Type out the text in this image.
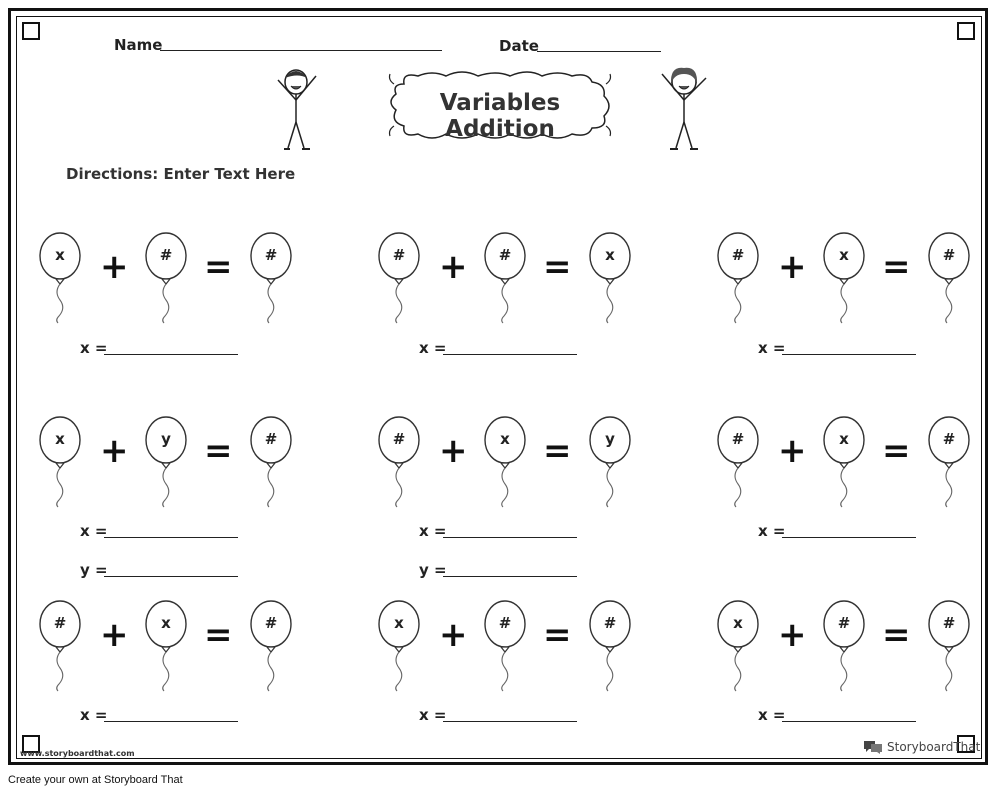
Name	Date
Variables Addition
Directions: Enter Text Here
x	#	#
+ =
x =
#	#	x
+ =
x =
#	x	#
+ =
x =
x	y	#
+ =
x =
y =
#	x	y
+ =
x =
y =
#	x	#
+ =
x =
#	x	#
+ =
x =
x	#	#
+ =
x =
x	#	#
+ =
x =
www.storyboardthat.com	StoryboardThat
Create your own at Storyboard That
